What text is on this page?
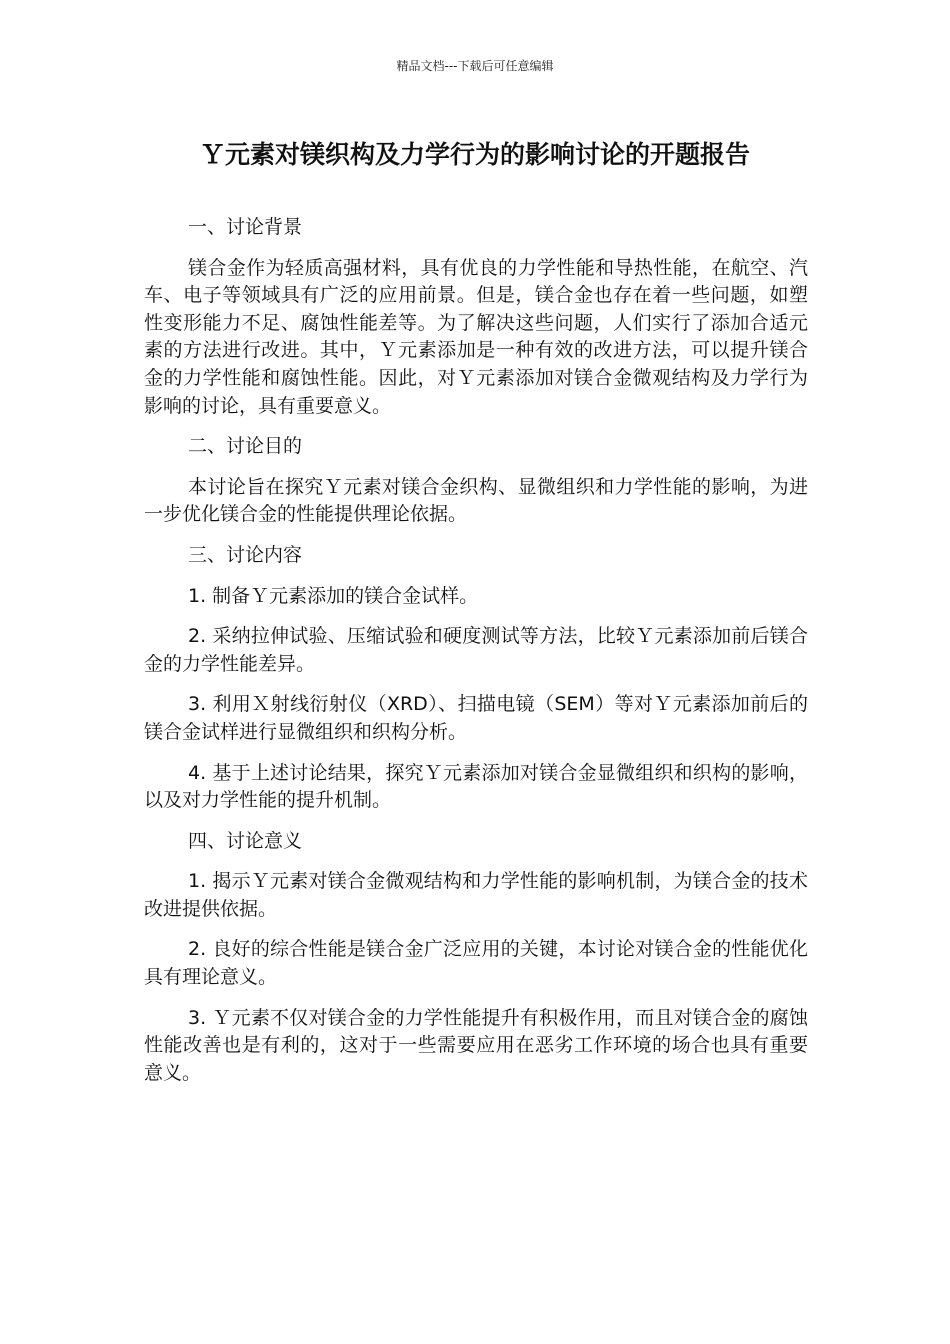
精品文档---下载后可任意编辑
Ｙ元素对镁织构及力学行为的影响讨论的开题报告

一、讨论背景

镁合金作为轻质高强材料，具有优良的力学性能和导热性能，在航空、汽车、电子等领域具有广泛的应用前景。但是，镁合金也存在着一些问题，如塑性变形能力不足、腐蚀性能差等。为了解决这些问题，人们实行了添加合适元素的方法进行改进。其中，Ｙ元素添加是一种有效的改进方法，可以提升镁合金的力学性能和腐蚀性能。因此，对Ｙ元素添加对镁合金微观结构及力学行为影响的讨论，具有重要意义。

二、讨论目的

本讨论旨在探究Ｙ元素对镁合金织构、显微组织和力学性能的影响，为进一步优化镁合金的性能提供理论依据。

三、讨论内容

1. 制备Ｙ元素添加的镁合金试样。

2. 采纳拉伸试验、压缩试验和硬度测试等方法，比较Ｙ元素添加前后镁合金的力学性能差异。

3. 利用Ｘ射线衍射仪（XRD）、扫描电镜（SEM）等对Ｙ元素添加前后的镁合金试样进行显微组织和织构分析。

4. 基于上述讨论结果，探究Ｙ元素添加对镁合金显微组织和织构的影响，以及对力学性能的提升机制。

四、讨论意义

1. 揭示Ｙ元素对镁合金微观结构和力学性能的影响机制，为镁合金的技术改进提供依据。

2. 良好的综合性能是镁合金广泛应用的关键，本讨论对镁合金的性能优化具有理论意义。

3. Ｙ元素不仅对镁合金的力学性能提升有积极作用，而且对镁合金的腐蚀性能改善也是有利的，这对于一些需要应用在恶劣工作环境的场合也具有重要意义。
